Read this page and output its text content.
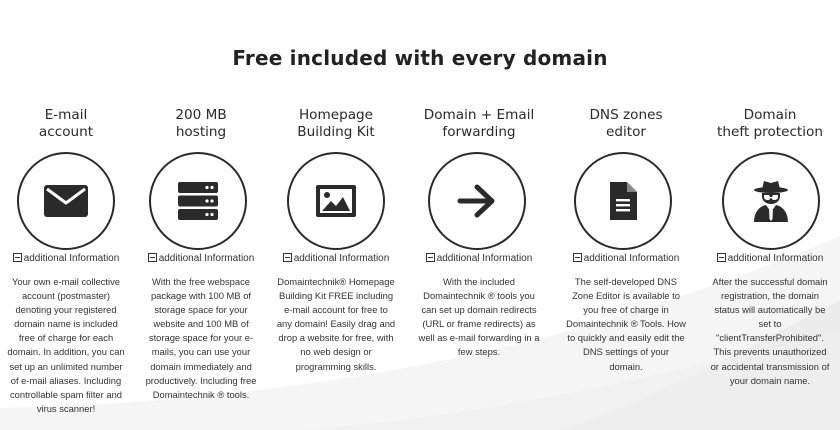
Free included with every domain
E-mail
account
additional Information
Your own e-mail collective
account (postmaster)
denoting your registered
domain name is included
free of charge for each
domain. In addition, you can
set up an unlimited number
of e-mail aliases. Including
controllable spam filter and
virus scanner!
200 MB
hosting
additional Information
With the free webspace
package with 100 MB of
storage space for your
website and 100 MB of
storage space for your e-
mails, you can use your
domain immediately and
productively. Including free
Domaintechnik ® tools.
Homepage
Building Kit
additional Information
Domaintechnik® Homepage
Building Kit FREE including
e-mail account for free to
any domain! Easily drag and
drop a website for free, with
no web design or
programming skills.
Domain + Email
forwarding
additional Information
With the included
Domaintechnik ® tools you
can set up domain redirects
(URL or frame redirects) as
well as e-mail forwarding in a
few steps.
DNS zones
editor
additional Information
The self-developed DNS
Zone Editor is available to
you free of charge in
Domaintechnik ® Tools. How
to quickly and easily edit the
DNS settings of your
domain.
Domain
theft protection
additional Information
After the successful domain
registration, the domain
status will automatically be
set to
"clientTransferProhibited".
This prevents unauthorized
or accidental transmission of
your domain name.
